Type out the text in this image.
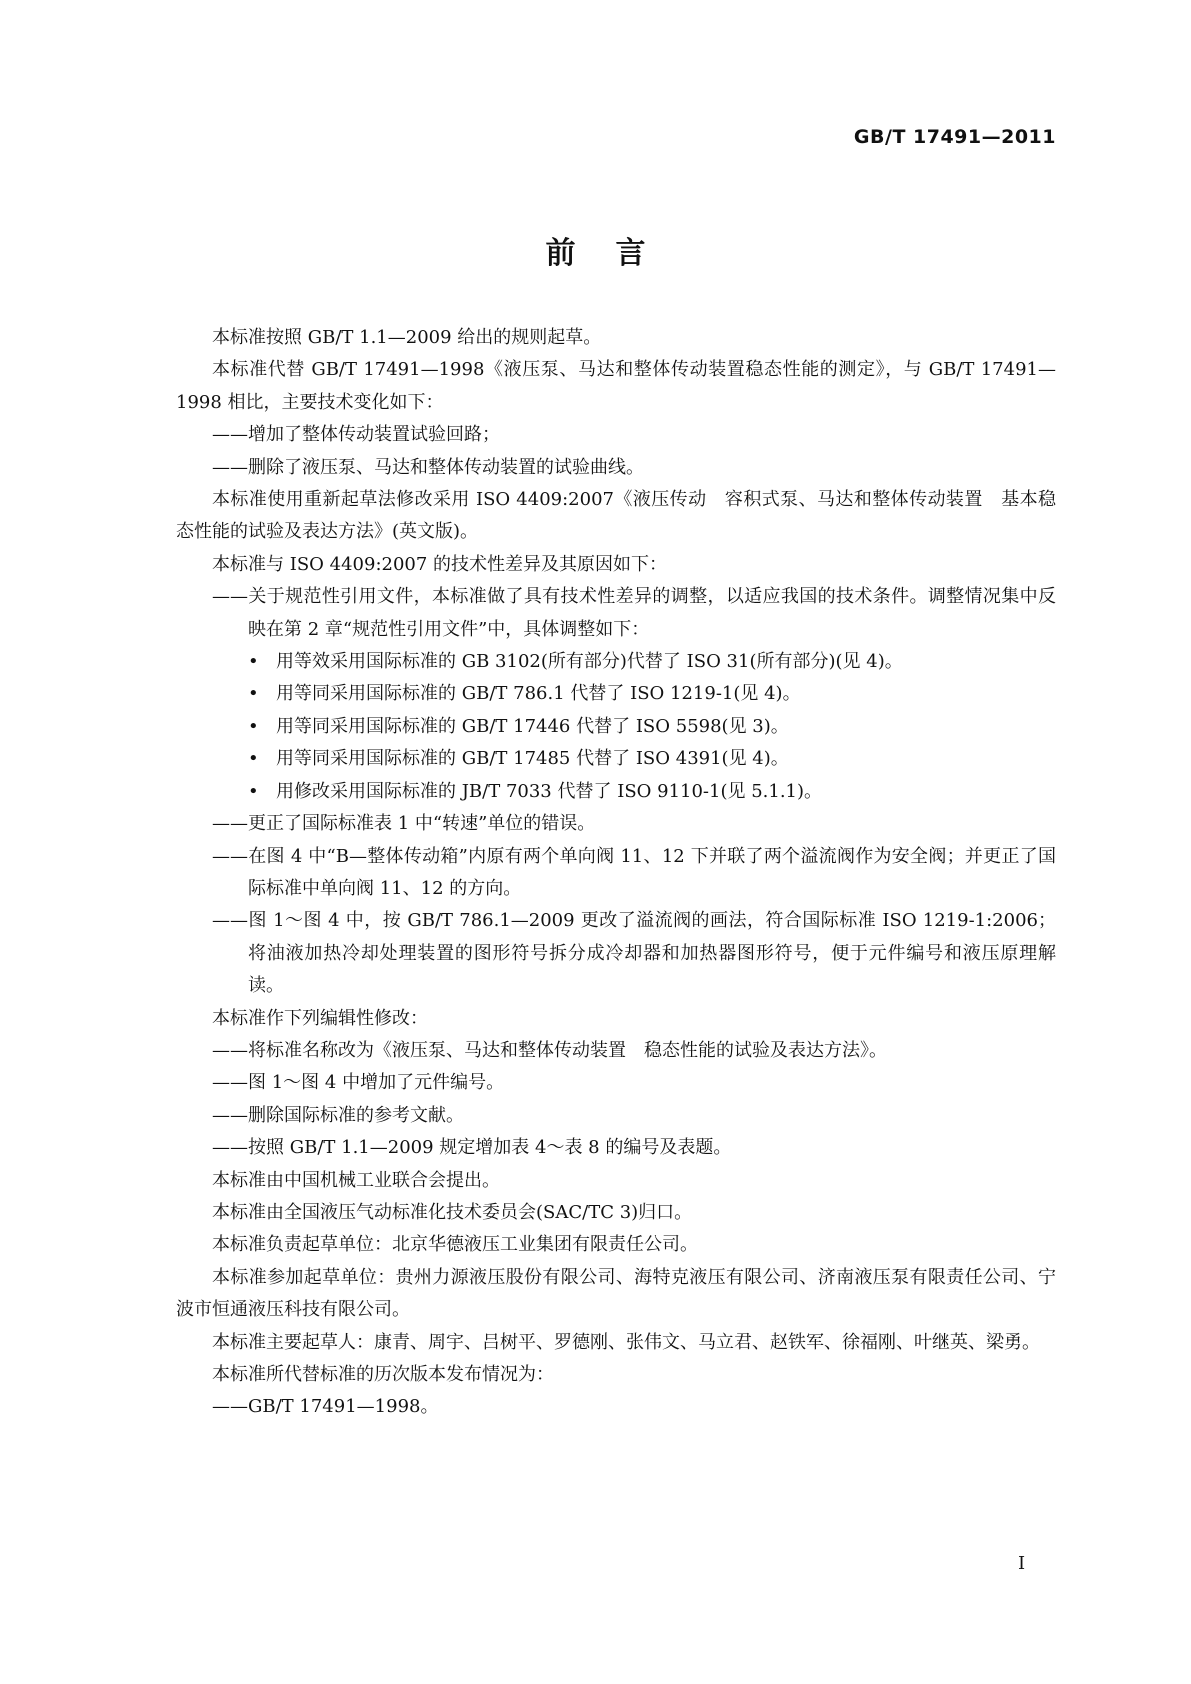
GB/T 17491—2011
前言

本标准按照 GB/T 1.1—2009 给出的规则起草。

本标准代替 GB/T 17491—1998《液压泵、马达和整体传动装置稳态性能的测定》，与 GB/T 17491—1998 相比，主要技术变化如下：

——增加了整体传动装置试验回路；

——删除了液压泵、马达和整体传动装置的试验曲线。

本标准使用重新起草法修改采用 ISO 4409:2007《液压传动　容积式泵、马达和整体传动装置　基本稳态性能的试验及表达方法》(英文版)。

本标准与 ISO 4409:2007 的技术性差异及其原因如下：

——关于规范性引用文件，本标准做了具有技术性差异的调整，以适应我国的技术条件。调整情况集中反映在第 2 章“规范性引用文件”中，具体调整如下：

• 用等效采用国际标准的 GB 3102(所有部分)代替了 ISO 31(所有部分)(见 4)。
• 用等同采用国际标准的 GB/T 786.1 代替了 ISO 1219-1(见 4)。
• 用等同采用国际标准的 GB/T 17446 代替了 ISO 5598(见 3)。
• 用等同采用国际标准的 GB/T 17485 代替了 ISO 4391(见 4)。
• 用修改采用国际标准的 JB/T 7033 代替了 ISO 9110-1(见 5.1.1)。

——更正了国际标准表 1 中“转速”单位的错误。

——在图 4 中“B—整体传动箱”内原有两个单向阀 11、12 下并联了两个溢流阀作为安全阀；并更正了国际标准中单向阀 11、12 的方向。

——图 1～图 4 中，按 GB/T 786.1—2009 更改了溢流阀的画法，符合国际标准 ISO 1219-1:2006；将油液加热冷却处理装置的图形符号拆分成冷却器和加热器图形符号，便于元件编号和液压原理解读。

本标准作下列编辑性修改：

——将标准名称改为《液压泵、马达和整体传动装置　稳态性能的试验及表达方法》。

——图 1～图 4 中增加了元件编号。

——删除国际标准的参考文献。

——按照 GB/T 1.1—2009 规定增加表 4～表 8 的编号及表题。

本标准由中国机械工业联合会提出。

本标准由全国液压气动标准化技术委员会(SAC/TC 3)归口。

本标准负责起草单位：北京华德液压工业集团有限责任公司。

本标准参加起草单位：贵州力源液压股份有限公司、海特克液压有限公司、济南液压泵有限责任公司、宁波市恒通液压科技有限公司。

本标准主要起草人：康青、周宇、吕树平、罗德刚、张伟文、马立君、赵铁军、徐福刚、叶继英、梁勇。

本标准所代替标准的历次版本发布情况为：

——GB/T 17491—1998。

I
